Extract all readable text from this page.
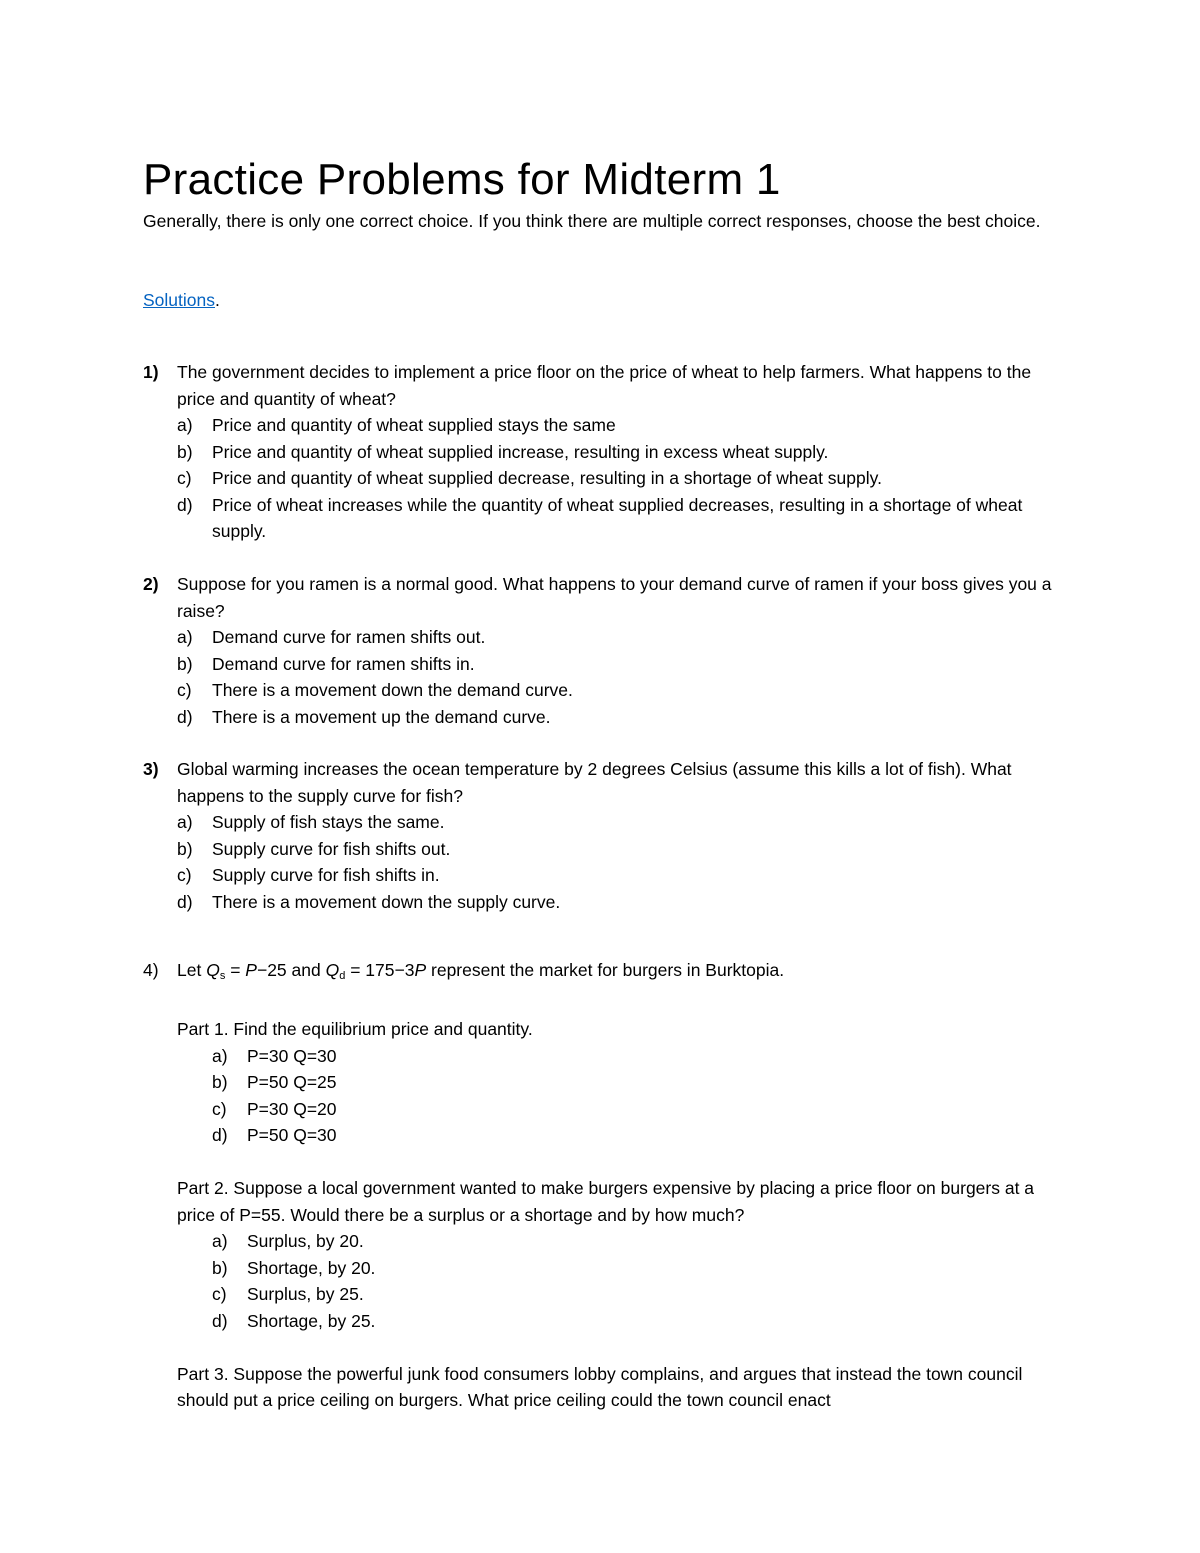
Practice Problems for Midterm 1

Generally, there is only one correct choice. If you think there are multiple correct responses, choose the best choice.

Solutions.
1) The government decides to implement a price floor on the price of wheat to help farmers. What happens to the price and quantity of wheat?
a) Price and quantity of wheat supplied stays the same
b) Price and quantity of wheat supplied increase, resulting in excess wheat supply.
c) Price and quantity of wheat supplied decrease, resulting in a shortage of wheat supply.
d) Price of wheat increases while the quantity of wheat supplied decreases, resulting in a shortage of wheat supply.
2) Suppose for you ramen is a normal good. What happens to your demand curve of ramen if your boss gives you a raise?
a) Demand curve for ramen shifts out.
b) Demand curve for ramen shifts in.
c) There is a movement down the demand curve.
d) There is a movement up the demand curve.
3) Global warming increases the ocean temperature by 2 degrees Celsius (assume this kills a lot of fish). What happens to the supply curve for fish?
a) Supply of fish stays the same.
b) Supply curve for fish shifts out.
c) Supply curve for fish shifts in.
d) There is a movement down the supply curve.
4) Let $Q_s = P-25$ and $Q_d = 175-3P$ represent the market for burgers in Burktopia.
Part 1. Find the equilibrium price and quantity.
a) P=30 Q=30
b) P=50 Q=25
c) P=30 Q=20
d) P=50 Q=30
Part 2. Suppose a local government wanted to make burgers expensive by placing a price floor on burgers at a price of P=55. Would there be a surplus or a shortage and by how much?
a) Surplus, by 20.
b) Shortage, by 20.
c) Surplus, by 25.
d) Shortage, by 25.
Part 3. Suppose the powerful junk food consumers lobby complains, and argues that instead the town council should put a price ceiling on burgers. What price ceiling could the town council enact
